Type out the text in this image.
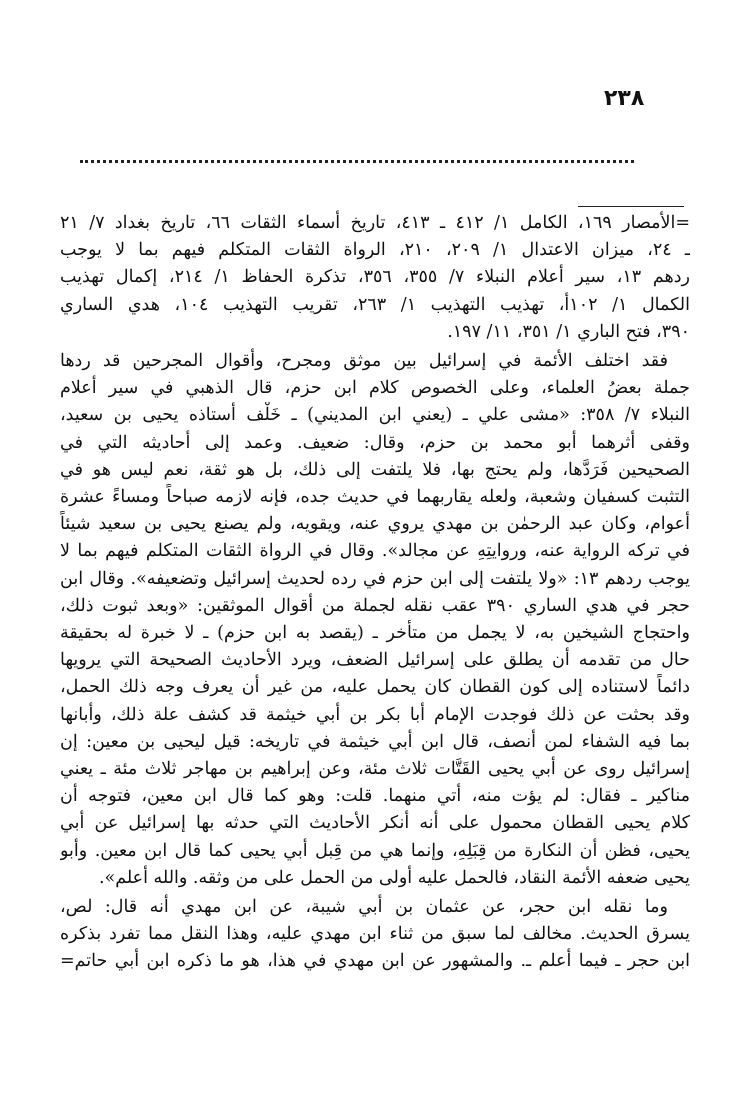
٢٣٨

=الأمصار ١٦٩، الكامل ١/ ٤١٢ ـ ٤١٣، تاريخ أسماء الثقات ٦٦، تاريخ بغداد ٧/ ٢١
ـ ٢٤، ميزان الاعتدال ١/ ٢٠٩، ٢١٠، الرواة الثقات المتكلم فيهم بما لا يوجب
ردهم ١٣، سير أعلام النبلاء ٧/ ٣٥٥، ٣٥٦، تذكرة الحفاظ ١/ ٢١٤، إكمال تهذيب
الكمال ١/ ١٠٢أ، تهذيب التهذيب ١/ ٢٦٣، تقريب التهذيب ١٠٤، هدي الساري
٣٩٠، فتح الباري ١/ ٣٥١، ١١/ ١٩٧.

فقد اختلف الأئمة في إسرائيل بين موثق ومجرح، وأقوال المجرحين قد ردها
جملة بعضُ العلماء، وعلى الخصوص كلام ابن حزم، قال الذهبي في سير أعلام
النبلاء ٧/ ٣٥٨: «مشى علي ـ (يعني ابن المديني) ـ خَلْف أستاذه يحيى بن سعيد،
وقفى أثرهما أبو محمد بن حزم، وقال: ضعيف. وعمد إلى أحاديثه التي في
الصحيحين فَرَدَّها، ولم يحتج بها، فلا يلتفت إلى ذلك، بل هو ثقة، نعم ليس هو في
التثبت كسفيان وشعبة، ولعله يقاربهما في حديث جده، فإنه لازمه صباحاً ومساءً عشرة
أعوام، وكان عبد الرحمٰن بن مهدي يروي عنه، ويقويه، ولم يصنع يحيى بن سعيد شيئاً
في تركه الرواية عنه، وروايتِهِ عن مجالد». وقال في الرواة الثقات المتكلم فيهم بما لا
يوجب ردهم ١٣: «ولا يلتفت إلى ابن حزم في رده لحديث إسرائيل وتضعيفه». وقال ابن
حجر في هدي الساري ٣٩٠ عقب نقله لجملة من أقوال الموثقين: «وبعد ثبوت ذلك،
واحتجاج الشيخين به، لا يجمل من متأخر ـ (يقصد به ابن حزم) ـ لا خبرة له بحقيقة
حال من تقدمه أن يطلق على إسرائيل الضعف، ويرد الأحاديث الصحيحة التي يرويها
دائماً لاستناده إلى كون القطان كان يحمل عليه، من غير أن يعرف وجه ذلك الحمل،
وقد بحثت عن ذلك فوجدت الإمام أبا بكر بن أبي خيثمة قد كشف علة ذلك، وأبانها
بما فيه الشفاء لمن أنصف، قال ابن أبي خيثمة في تاريخه: قيل ليحيى بن معين: إن
إسرائيل روى عن أبي يحيى القَتَّات ثلاث مئة، وعن إبراهيم بن مهاجر ثلاث مئة ـ يعني
مناكير ـ فقال: لم يؤت منه، أُتي منهما. قلت: وهو كما قال ابن معين، فتوجه أن
كلام يحيى القطان محمول على أنه أنكر الأحاديث التي حدثه بها إسرائيل عن أبي
يحيى، فظن أن النكارة من قِبَلِهِ، وإنما هي من قِبل أبي يحيى كما قال ابن معين. وأبو
يحيى ضعفه الأئمة النقاد، فالحمل عليه أولى من الحمل على من وثقه. والله أعلم».

وما نقله ابن حجر، عن عثمان بن أبي شيبة، عن ابن مهدي أنه قال: لص،
يسرق الحديث. مخالف لما سبق من ثناء ابن مهدي عليه، وهذا النقل مما تفرد بذكره
ابن حجر ـ فيما أعلم ـ. والمشهور عن ابن مهدي في هذا، هو ما ذكره ابن أبي حاتم=
